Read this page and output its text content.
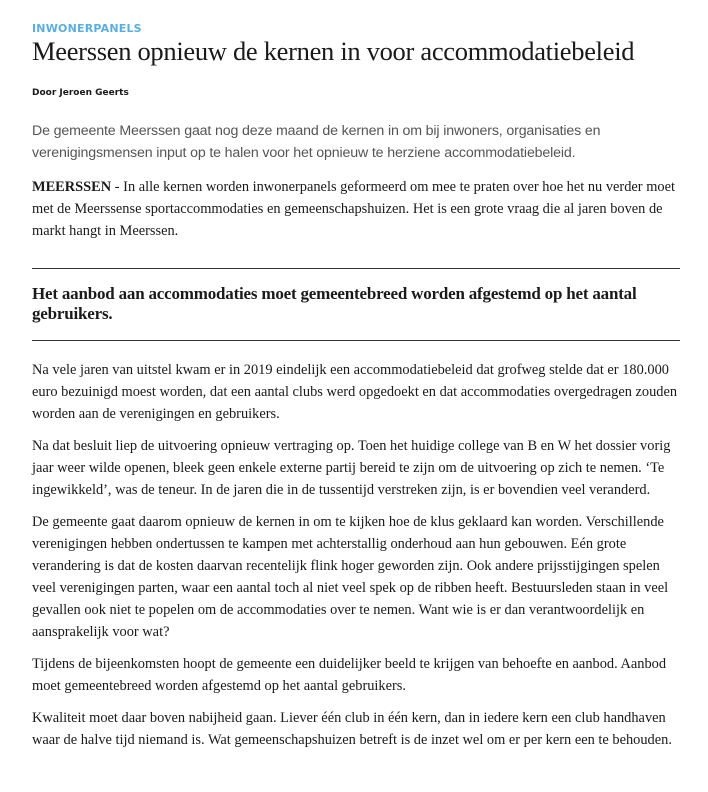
INWONERPANELS
Meerssen opnieuw de kernen in voor accommodatiebeleid
Door Jeroen Geerts

De gemeente Meerssen gaat nog deze maand de kernen in om bij inwoners, organisaties en verenigingsmensen input op te halen voor het opnieuw te herziene accommodatiebeleid.

MEERSSEN - In alle kernen worden inwonerpanels geformeerd om mee te praten over hoe het nu verder moet met de Meerssense sportaccommodaties en gemeenschapshuizen. Het is een grote vraag die al jaren boven de markt hangt in Meerssen.

Het aanbod aan accommodaties moet gemeentebreed worden afgestemd op het aantal gebruikers.

Na vele jaren van uitstel kwam er in 2019 eindelijk een accommodatiebeleid dat grofweg stelde dat er 180.000 euro bezuinigd moest worden, dat een aantal clubs werd opgedoekt en dat accommodaties overgedragen zouden worden aan de verenigingen en gebruikers.

Na dat besluit liep de uitvoering opnieuw vertraging op. Toen het huidige college van B en W het dossier vorig jaar weer wilde openen, bleek geen enkele externe partij bereid te zijn om de uitvoering op zich te nemen. ‘Te ingewikkeld’, was de teneur. In de jaren die in de tussentijd verstreken zijn, is er bovendien veel veranderd.

De gemeente gaat daarom opnieuw de kernen in om te kijken hoe de klus geklaard kan worden. Verschillende verenigingen hebben ondertussen te kampen met achterstallig onderhoud aan hun gebouwen. Eén grote verandering is dat de kosten daarvan recentelijk flink hoger geworden zijn. Ook andere prijsstijgingen spelen veel verenigingen parten, waar een aantal toch al niet veel spek op de ribben heeft. Bestuursleden staan in veel gevallen ook niet te popelen om de accommodaties over te nemen. Want wie is er dan verantwoordelijk en aansprakelijk voor wat?

Tijdens de bijeenkomsten hoopt de gemeente een duidelijker beeld te krijgen van behoefte en aanbod. Aanbod moet gemeentebreed worden afgestemd op het aantal gebruikers.

Kwaliteit moet daar boven nabijheid gaan. Liever één club in één kern, dan in iedere kern een club handhaven waar de halve tijd niemand is. Wat gemeenschapshuizen betreft is de inzet wel om er per kern een te behouden.
